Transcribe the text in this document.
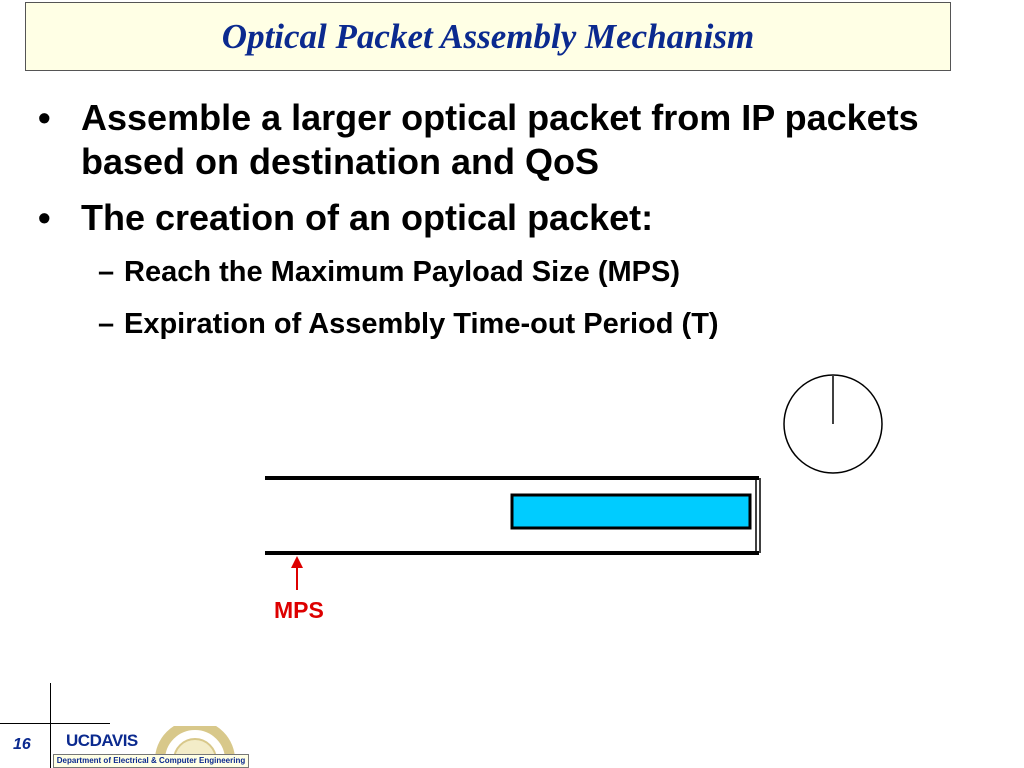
Optical Packet Assembly Mechanism
• Assemble a larger optical packet from IP packets based on destination and QoS
• The creation of an optical packet:
– Reach the Maximum Payload Size (MPS)
– Expiration of Assembly Time-out Period (T)
MPS
16 UCDAVIS
Department of Electrical & Computer Engineering
